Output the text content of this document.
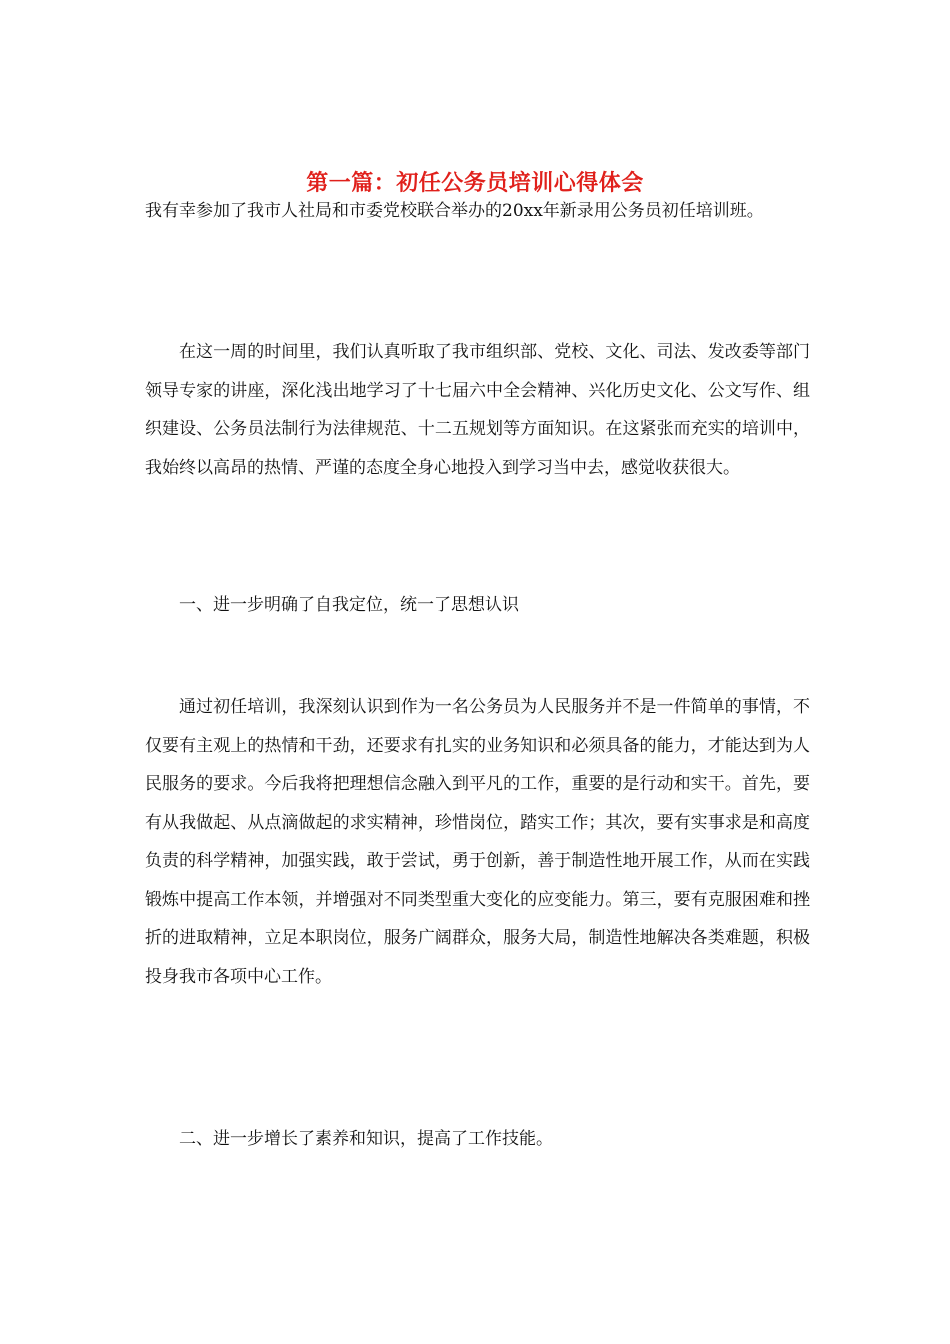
第一篇：初任公务员培训心得体会

我有幸参加了我市人社局和市委党校联合举办的20xx年新录用公务员初任培训班。

在这一周的时间里，我们认真听取了我市组织部、党校、文化、司法、发改委等部门领导专家的讲座，深化浅出地学习了十七届六中全会精神、兴化历史文化、公文写作、组织建设、公务员法制行为法律规范、十二五规划等方面知识。在这紧张而充实的培训中，我始终以高昂的热情、严谨的态度全身心地投入到学习当中去，感觉收获很大。

一、进一步明确了自我定位，统一了思想认识

通过初任培训，我深刻认识到作为一名公务员为人民服务并不是一件简单的事情，不仅要有主观上的热情和干劲，还要求有扎实的业务知识和必须具备的能力，才能达到为人民服务的要求。今后我将把理想信念融入到平凡的工作，重要的是行动和实干。首先，要有从我做起、从点滴做起的求实精神，珍惜岗位，踏实工作；其次，要有实事求是和高度负责的科学精神，加强实践，敢于尝试，勇于创新，善于制造性地开展工作，从而在实践锻炼中提高工作本领，并增强对不同类型重大变化的应变能力。第三，要有克服困难和挫折的进取精神，立足本职岗位，服务广阔群众，服务大局，制造性地解决各类难题，积极投身我市各项中心工作。

二、进一步增长了素养和知识，提高了工作技能。
